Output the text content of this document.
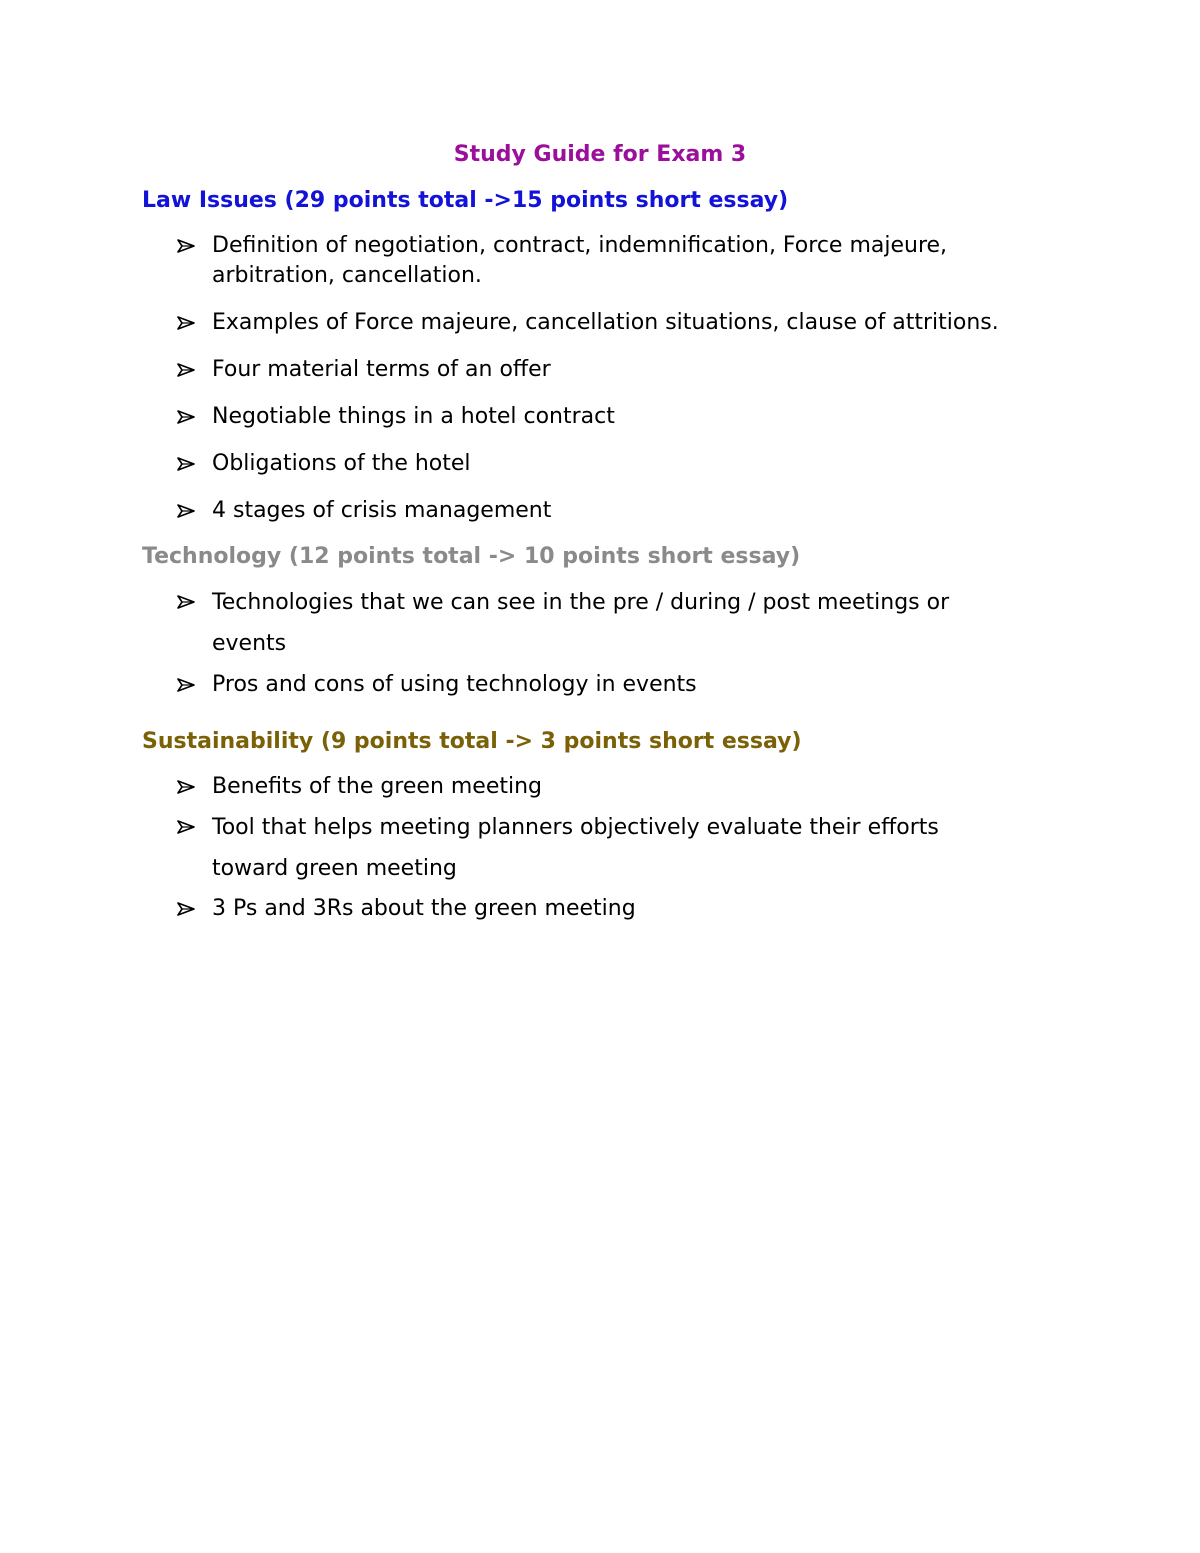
Study Guide for Exam 3
Law Issues (29 points total ->15 points short essay)
Definition of negotiation, contract, indemnification, Force majeure, arbitration, cancellation.
Examples of Force majeure, cancellation situations, clause of attritions.
Four material terms of an offer
Negotiable things in a hotel contract
Obligations of the hotel
4 stages of crisis management
Technology (12 points total -> 10 points short essay)
Technologies that we can see in the pre / during / post meetings or events
Pros and cons of using technology in events
Sustainability (9 points total -> 3 points short essay)
Benefits of the green meeting
Tool that helps meeting planners objectively evaluate their efforts toward green meeting
3 Ps and 3Rs about the green meeting
